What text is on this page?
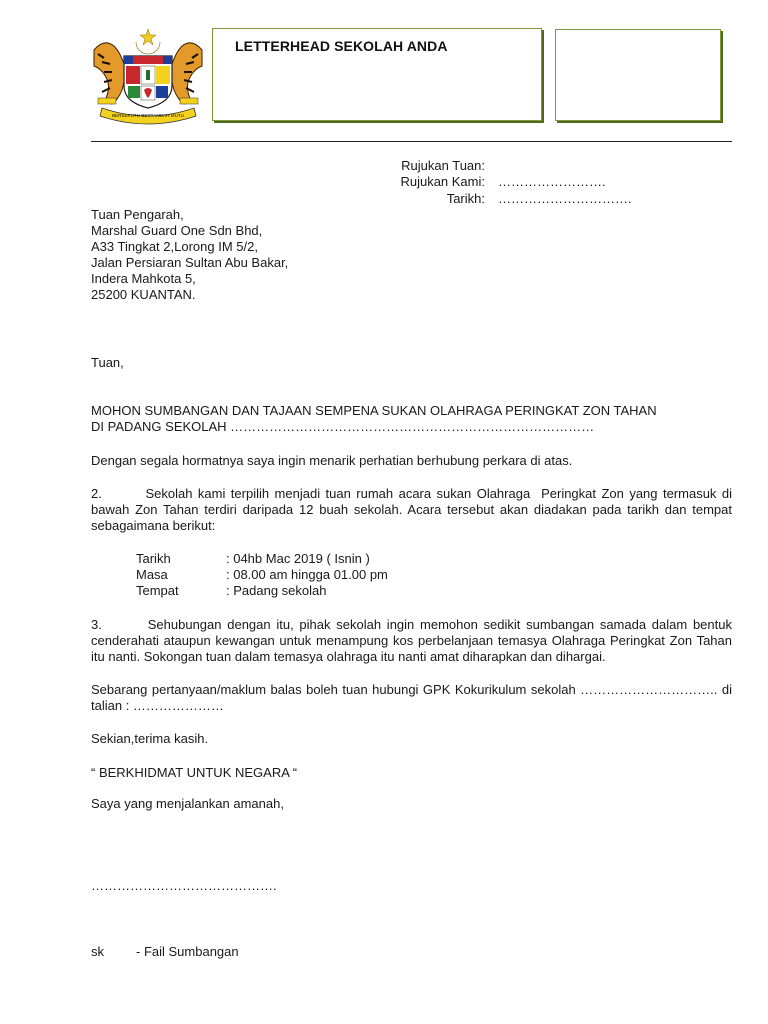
BERSEKUTU BERTAMBAH MUTU
LETTERHEAD SEKOLAH ANDA
Rujukan Tuan:
Rujukan Kami: …………………….
Tarikh: ………………………….
Tuan Pengarah,
Marshal Guard One Sdn Bhd,
A33 Tingkat 2,Lorong IM 5/2,
Jalan Persiaran Sultan Abu Bakar,
Indera Mahkota 5,
25200 KUANTAN.
Tuan,
MOHON SUMBANGAN DAN TAJAAN SEMPENA SUKAN OLAHRAGA PERINGKAT ZON TAHAN
DI PADANG SEKOLAH …………………………………………………………………………
Dengan segala hormatnya saya ingin menarik perhatian berhubung perkara di atas.
2.        Sekolah kami terpilih menjadi tuan rumah acara sukan Olahraga  Peringkat Zon yang termasuk di bawah Zon Tahan terdiri daripada 12 buah sekolah. Acara tersebut akan diadakan pada tarikh dan tempat sebagaimana berikut:
Tarikh	: 04hb Mac 2019 ( Isnin )
Masa	: 08.00 am hingga 01.00 pm
Tempat	: Padang sekolah
3.        Sehubungan dengan itu, pihak sekolah ingin memohon sedikit sumbangan samada dalam bentuk cenderahati ataupun kewangan untuk menampung kos perbelanjaan temasya Olahraga Peringkat Zon Tahan itu nanti. Sokongan tuan dalam temasya olahraga itu nanti amat diharapkan dan dihargai.
Sebarang pertanyaan/maklum balas boleh tuan hubungi GPK Kokurikulum sekolah ………………………….. di talian : …………………
Sekian,terima kasih.
“ BERKHIDMAT UNTUK NEGARA “
Saya yang menjalankan amanah,
…………………………………….
sk - Fail Sumbangan
